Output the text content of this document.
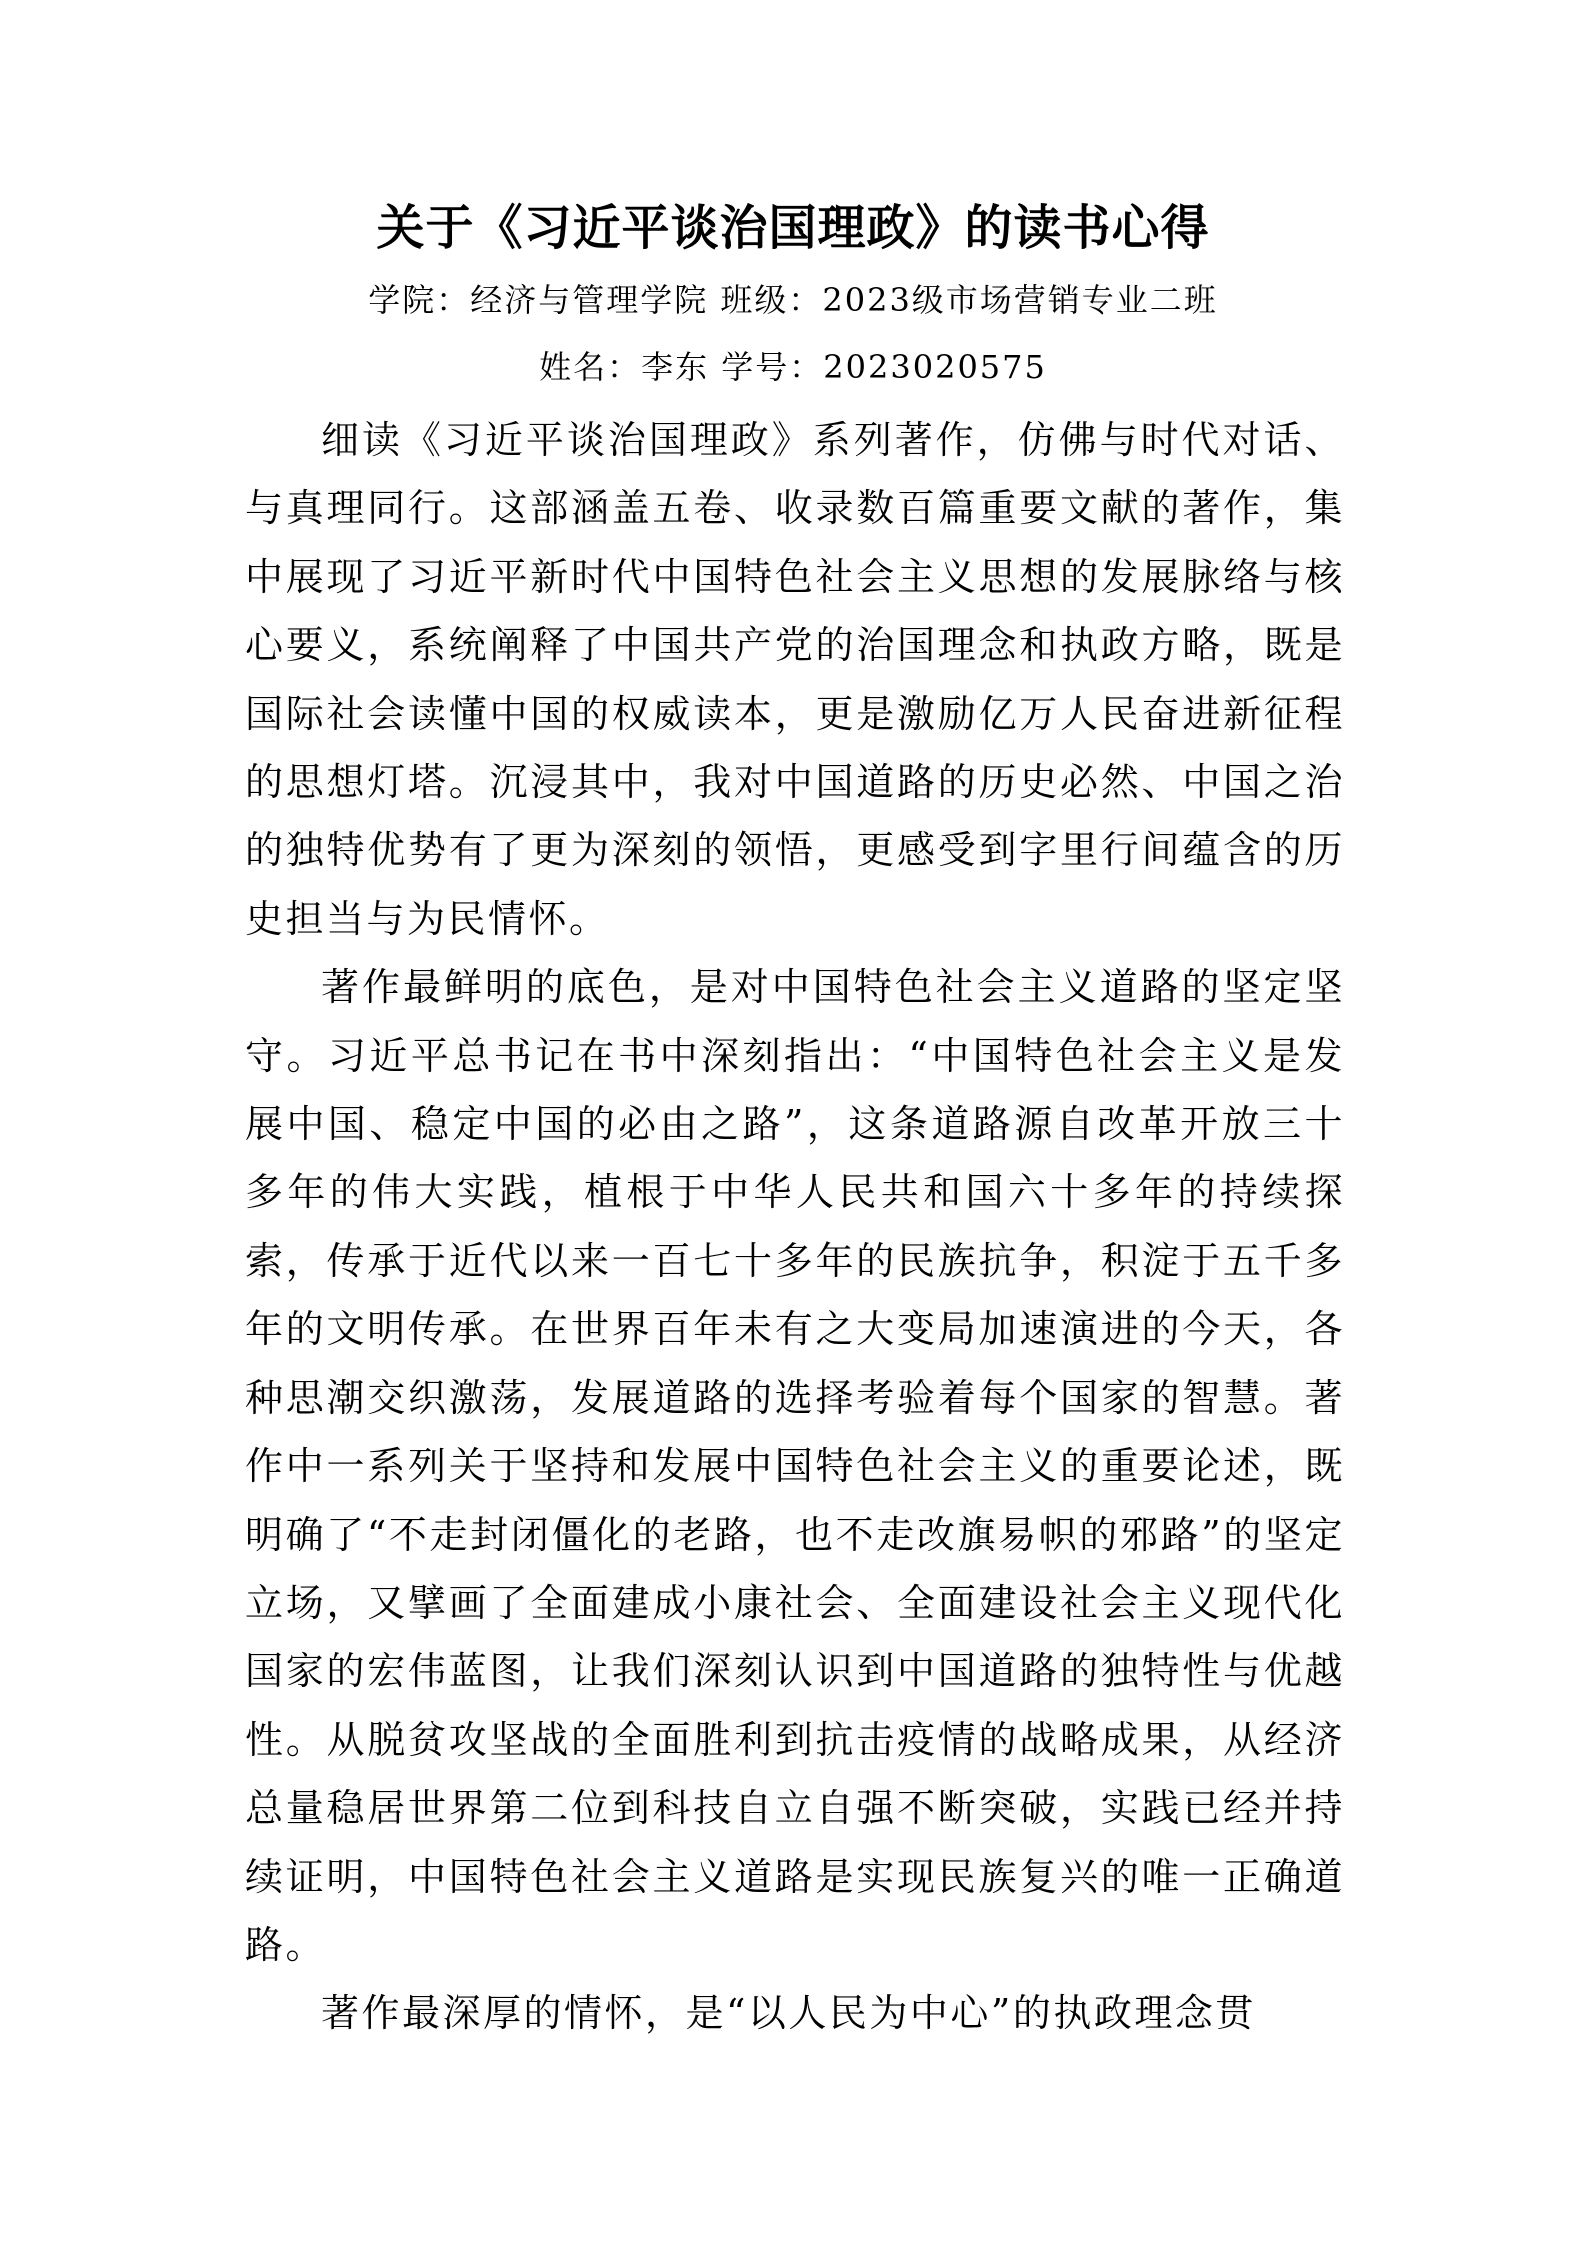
关于《习近平谈治国理政》的读书心得
学院：经济与管理学院 班级：2023级市场营销专业二班
姓名：李东 学号：2023020575

细读《习近平谈治国理政》系列著作，仿佛与时代对话、与真理同行。这部涵盖五卷、收录数百篇重要文献的著作，集中展现了习近平新时代中国特色社会主义思想的发展脉络与核心要义，系统阐释了中国共产党的治国理念和执政方略，既是国际社会读懂中国的权威读本，更是激励亿万人民奋进新征程的思想灯塔。沉浸其中，我对中国道路的历史必然、中国之治的独特优势有了更为深刻的领悟，更感受到字里行间蕴含的历史担当与为民情怀。

著作最鲜明的底色，是对中国特色社会主义道路的坚定坚守。习近平总书记在书中深刻指出：“中国特色社会主义是发展中国、稳定中国的必由之路”，这条道路源自改革开放三十多年的伟大实践，植根于中华人民共和国六十多年的持续探索，传承于近代以来一百七十多年的民族抗争，积淀于五千多年的文明传承。在世界百年未有之大变局加速演进的今天，各种思潮交织激荡，发展道路的选择考验着每个国家的智慧。著作中一系列关于坚持和发展中国特色社会主义的重要论述，既明确了“不走封闭僵化的老路，也不走改旗易帜的邪路”的坚定立场，又擘画了全面建成小康社会、全面建设社会主义现代化国家的宏伟蓝图，让我们深刻认识到中国道路的独特性与优越性。从脱贫攻坚战的全面胜利到抗击疫情的战略成果，从经济总量稳居世界第二位到科技自立自强不断突破，实践已经并持续证明，中国特色社会主义道路是实现民族复兴的唯一正确道路。

著作最深厚的情怀，是“以人民为中心”的执政理念贯
